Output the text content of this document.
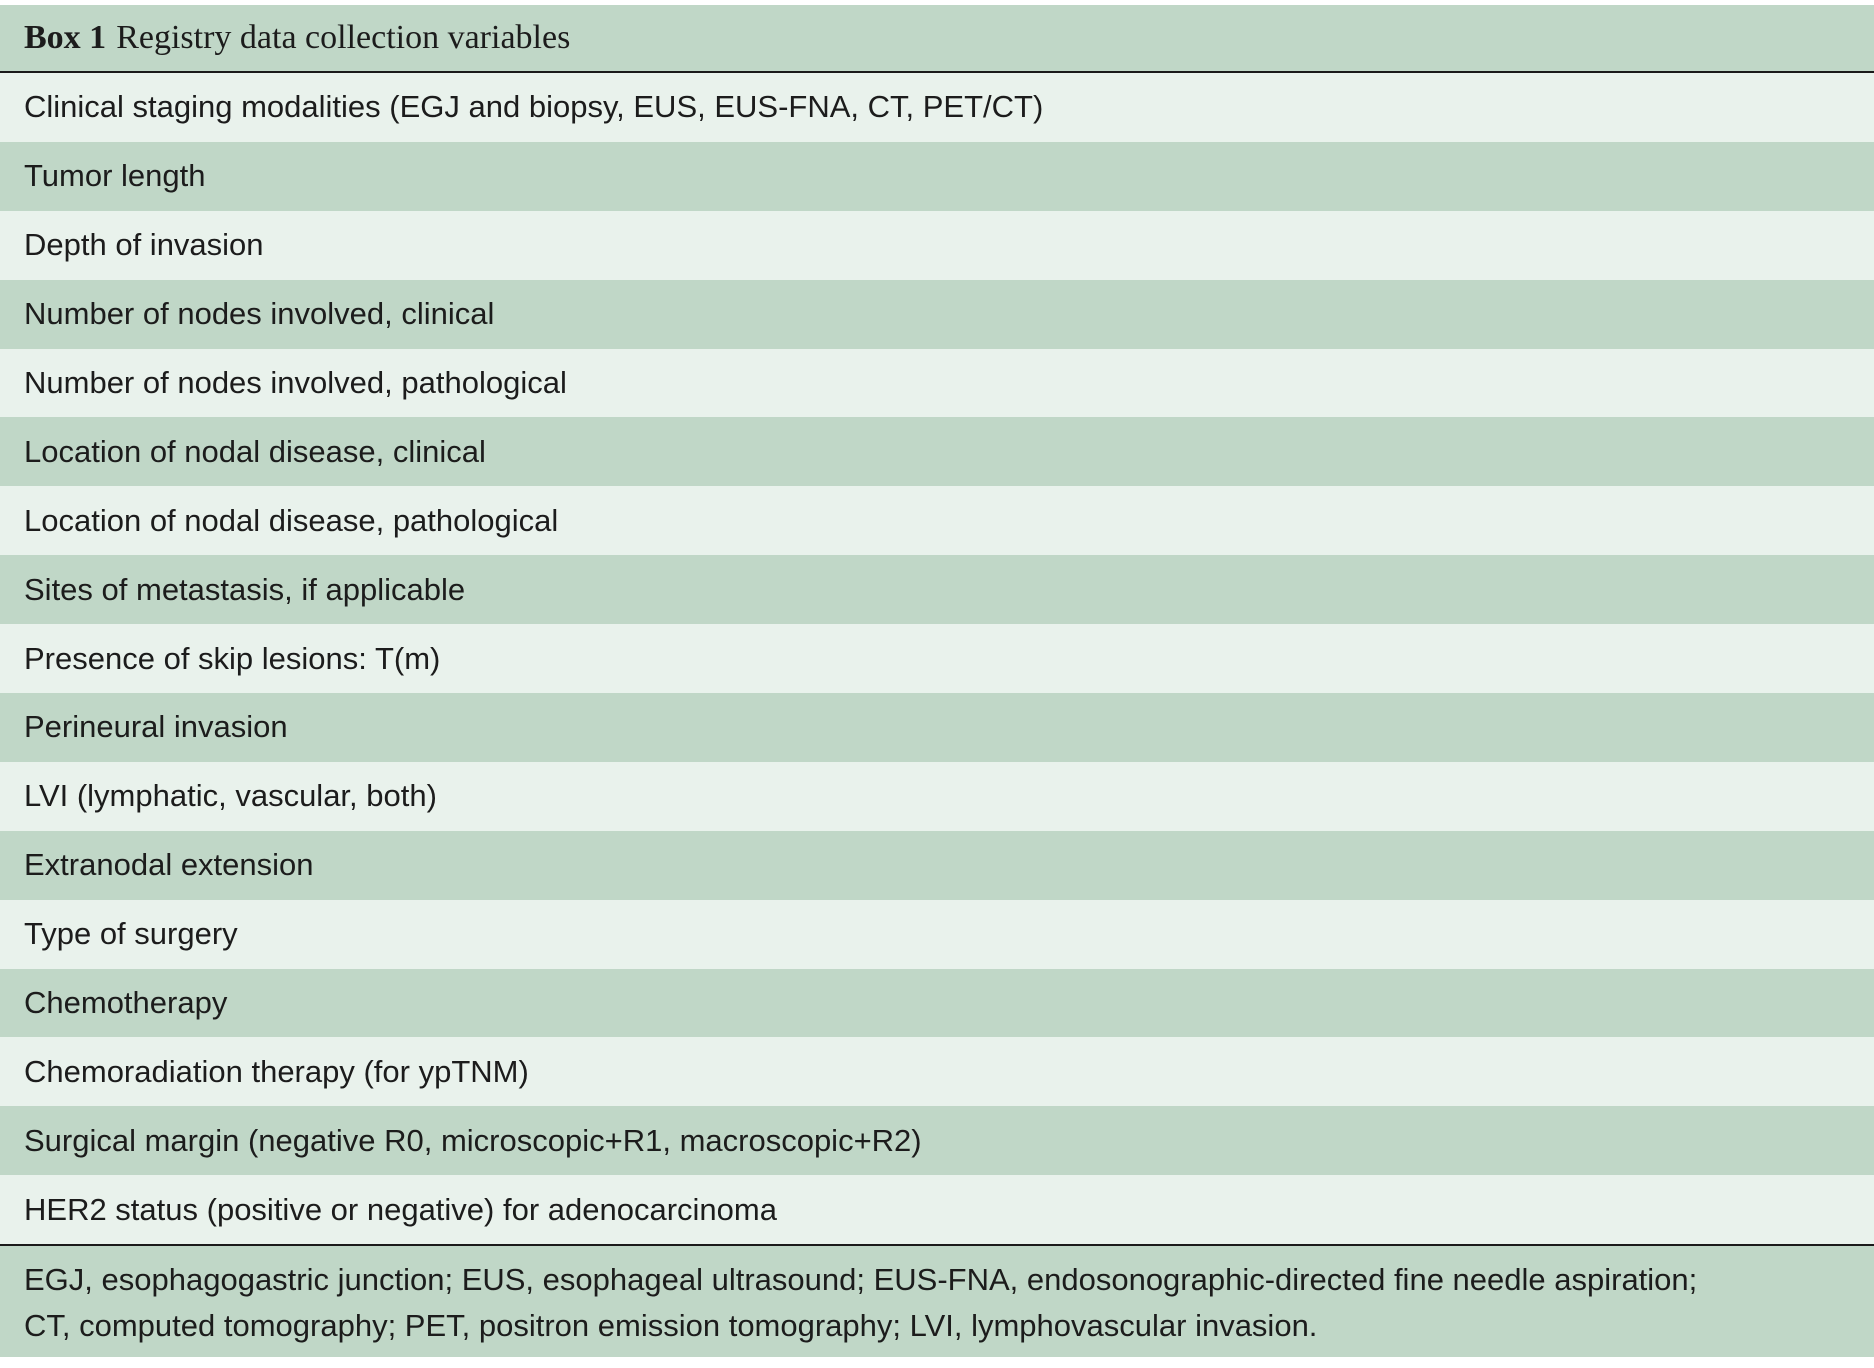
Box 1 Registry data collection variables
Clinical staging modalities (EGJ and biopsy, EUS, EUS-FNA, CT, PET/CT)
Tumor length
Depth of invasion
Number of nodes involved, clinical
Number of nodes involved, pathological
Location of nodal disease, clinical
Location of nodal disease, pathological
Sites of metastasis, if applicable
Presence of skip lesions: T(m)
Perineural invasion
LVI (lymphatic, vascular, both)
Extranodal extension
Type of surgery
Chemotherapy
Chemoradiation therapy (for ypTNM)
Surgical margin (negative R0, microscopic+R1, macroscopic+R2)
HER2 status (positive or negative) for adenocarcinoma
EGJ, esophagogastric junction; EUS, esophageal ultrasound; EUS-FNA, endosonographic-directed fine needle aspiration;
CT, computed tomography; PET, positron emission tomography; LVI, lymphovascular invasion.
